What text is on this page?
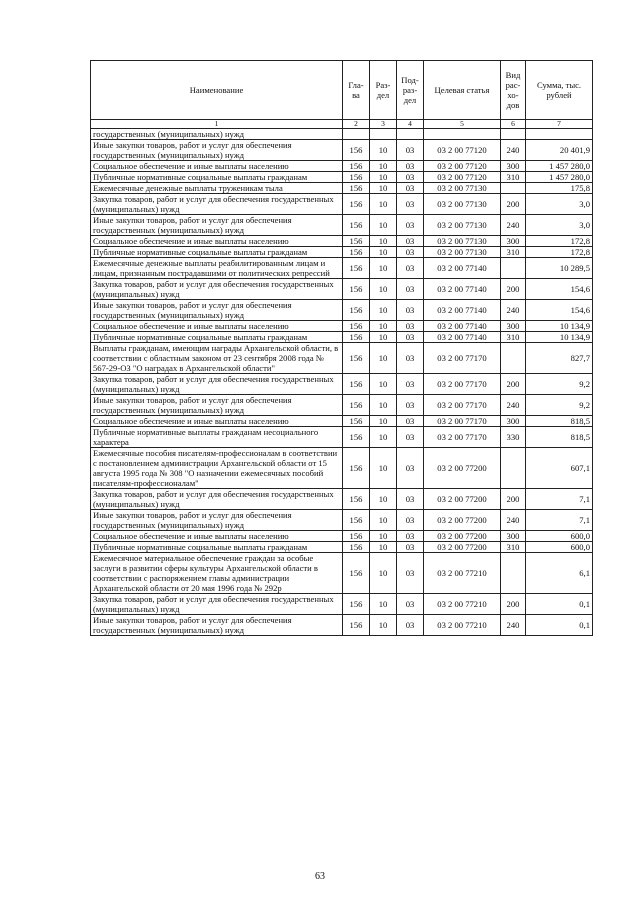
Наименование	Гла-ва	Раз-дел	Под-раз-дел	Целевая статья	Вид рас-хо-дов	Сумма, тыс. рублей
1	2	3	4	5	6	7
государственных (муниципальных) нужд						
Иные закупки товаров, работ и услуг для обеспечения государственных (муниципальных) нужд	156	10	03	03 2 00 77120	240	20 401,9
Социальное обеспечение и иные выплаты населению	156	10	03	03 2 00 77120	300	1 457 280,0
Публичные нормативные социальные выплаты гражданам	156	10	03	03 2 00 77120	310	1 457 280,0
Ежемесячные денежные выплаты труженикам тыла	156	10	03	03 2 00 77130		175,8
Закупка товаров, работ и услуг для обеспечения государственных (муниципальных) нужд	156	10	03	03 2 00 77130	200	3,0
Иные закупки товаров, работ и услуг для обеспечения государственных (муниципальных) нужд	156	10	03	03 2 00 77130	240	3,0
Социальное обеспечение и иные выплаты населению	156	10	03	03 2 00 77130	300	172,8
Публичные нормативные социальные выплаты гражданам	156	10	03	03 2 00 77130	310	172,8
Ежемесячные денежные выплаты реабилитированным лицам и лицам, признанным пострадавшими от политических репрессий	156	10	03	03 2 00 77140		10 289,5
Закупка товаров, работ и услуг для обеспечения государственных (муниципальных) нужд	156	10	03	03 2 00 77140	200	154,6
Иные закупки товаров, работ и услуг для обеспечения государственных (муниципальных) нужд	156	10	03	03 2 00 77140	240	154,6
Социальное обеспечение и иные выплаты населению	156	10	03	03 2 00 77140	300	10 134,9
Публичные нормативные социальные выплаты гражданам	156	10	03	03 2 00 77140	310	10 134,9
Выплаты гражданам, имеющим награды Архангельской области, в соответствии с областным законом от 23 сентября 2008 года № 567-29-ОЗ "О наградах в Архангельской области"	156	10	03	03 2 00 77170		827,7
Закупка товаров, работ и услуг для обеспечения государственных (муниципальных) нужд	156	10	03	03 2 00 77170	200	9,2
Иные закупки товаров, работ и услуг для обеспечения государственных (муниципальных) нужд	156	10	03	03 2 00 77170	240	9,2
Социальное обеспечение и иные выплаты населению	156	10	03	03 2 00 77170	300	818,5
Публичные нормативные выплаты гражданам несоциального характера	156	10	03	03 2 00 77170	330	818,5
Ежемесячные пособия писателям-профессионалам в соответствии с постановлением администрации Архангельской области от 15 августа 1995 года № 308 "О назначении ежемесячных пособий писателям-профессионалам"	156	10	03	03 2 00 77200		607,1
Закупка товаров, работ и услуг для обеспечения государственных (муниципальных) нужд	156	10	03	03 2 00 77200	200	7,1
Иные закупки товаров, работ и услуг для обеспечения государственных (муниципальных) нужд	156	10	03	03 2 00 77200	240	7,1
Социальное обеспечение и иные выплаты населению	156	10	03	03 2 00 77200	300	600,0
Публичные нормативные социальные выплаты гражданам	156	10	03	03 2 00 77200	310	600,0
Ежемесячное материальное обеспечение граждан за особые заслуги в развитии сферы культуры Архангельской области в соответствии с распоряжением главы администрации Архангельской области от 20 мая 1996 года № 292р	156	10	03	03 2 00 77210		6,1
Закупка товаров, работ и услуг для обеспечения государственных (муниципальных) нужд	156	10	03	03 2 00 77210	200	0,1
Иные закупки товаров, работ и услуг для обеспечения государственных (муниципальных) нужд	156	10	03	03 2 00 77210	240	0,1
63
